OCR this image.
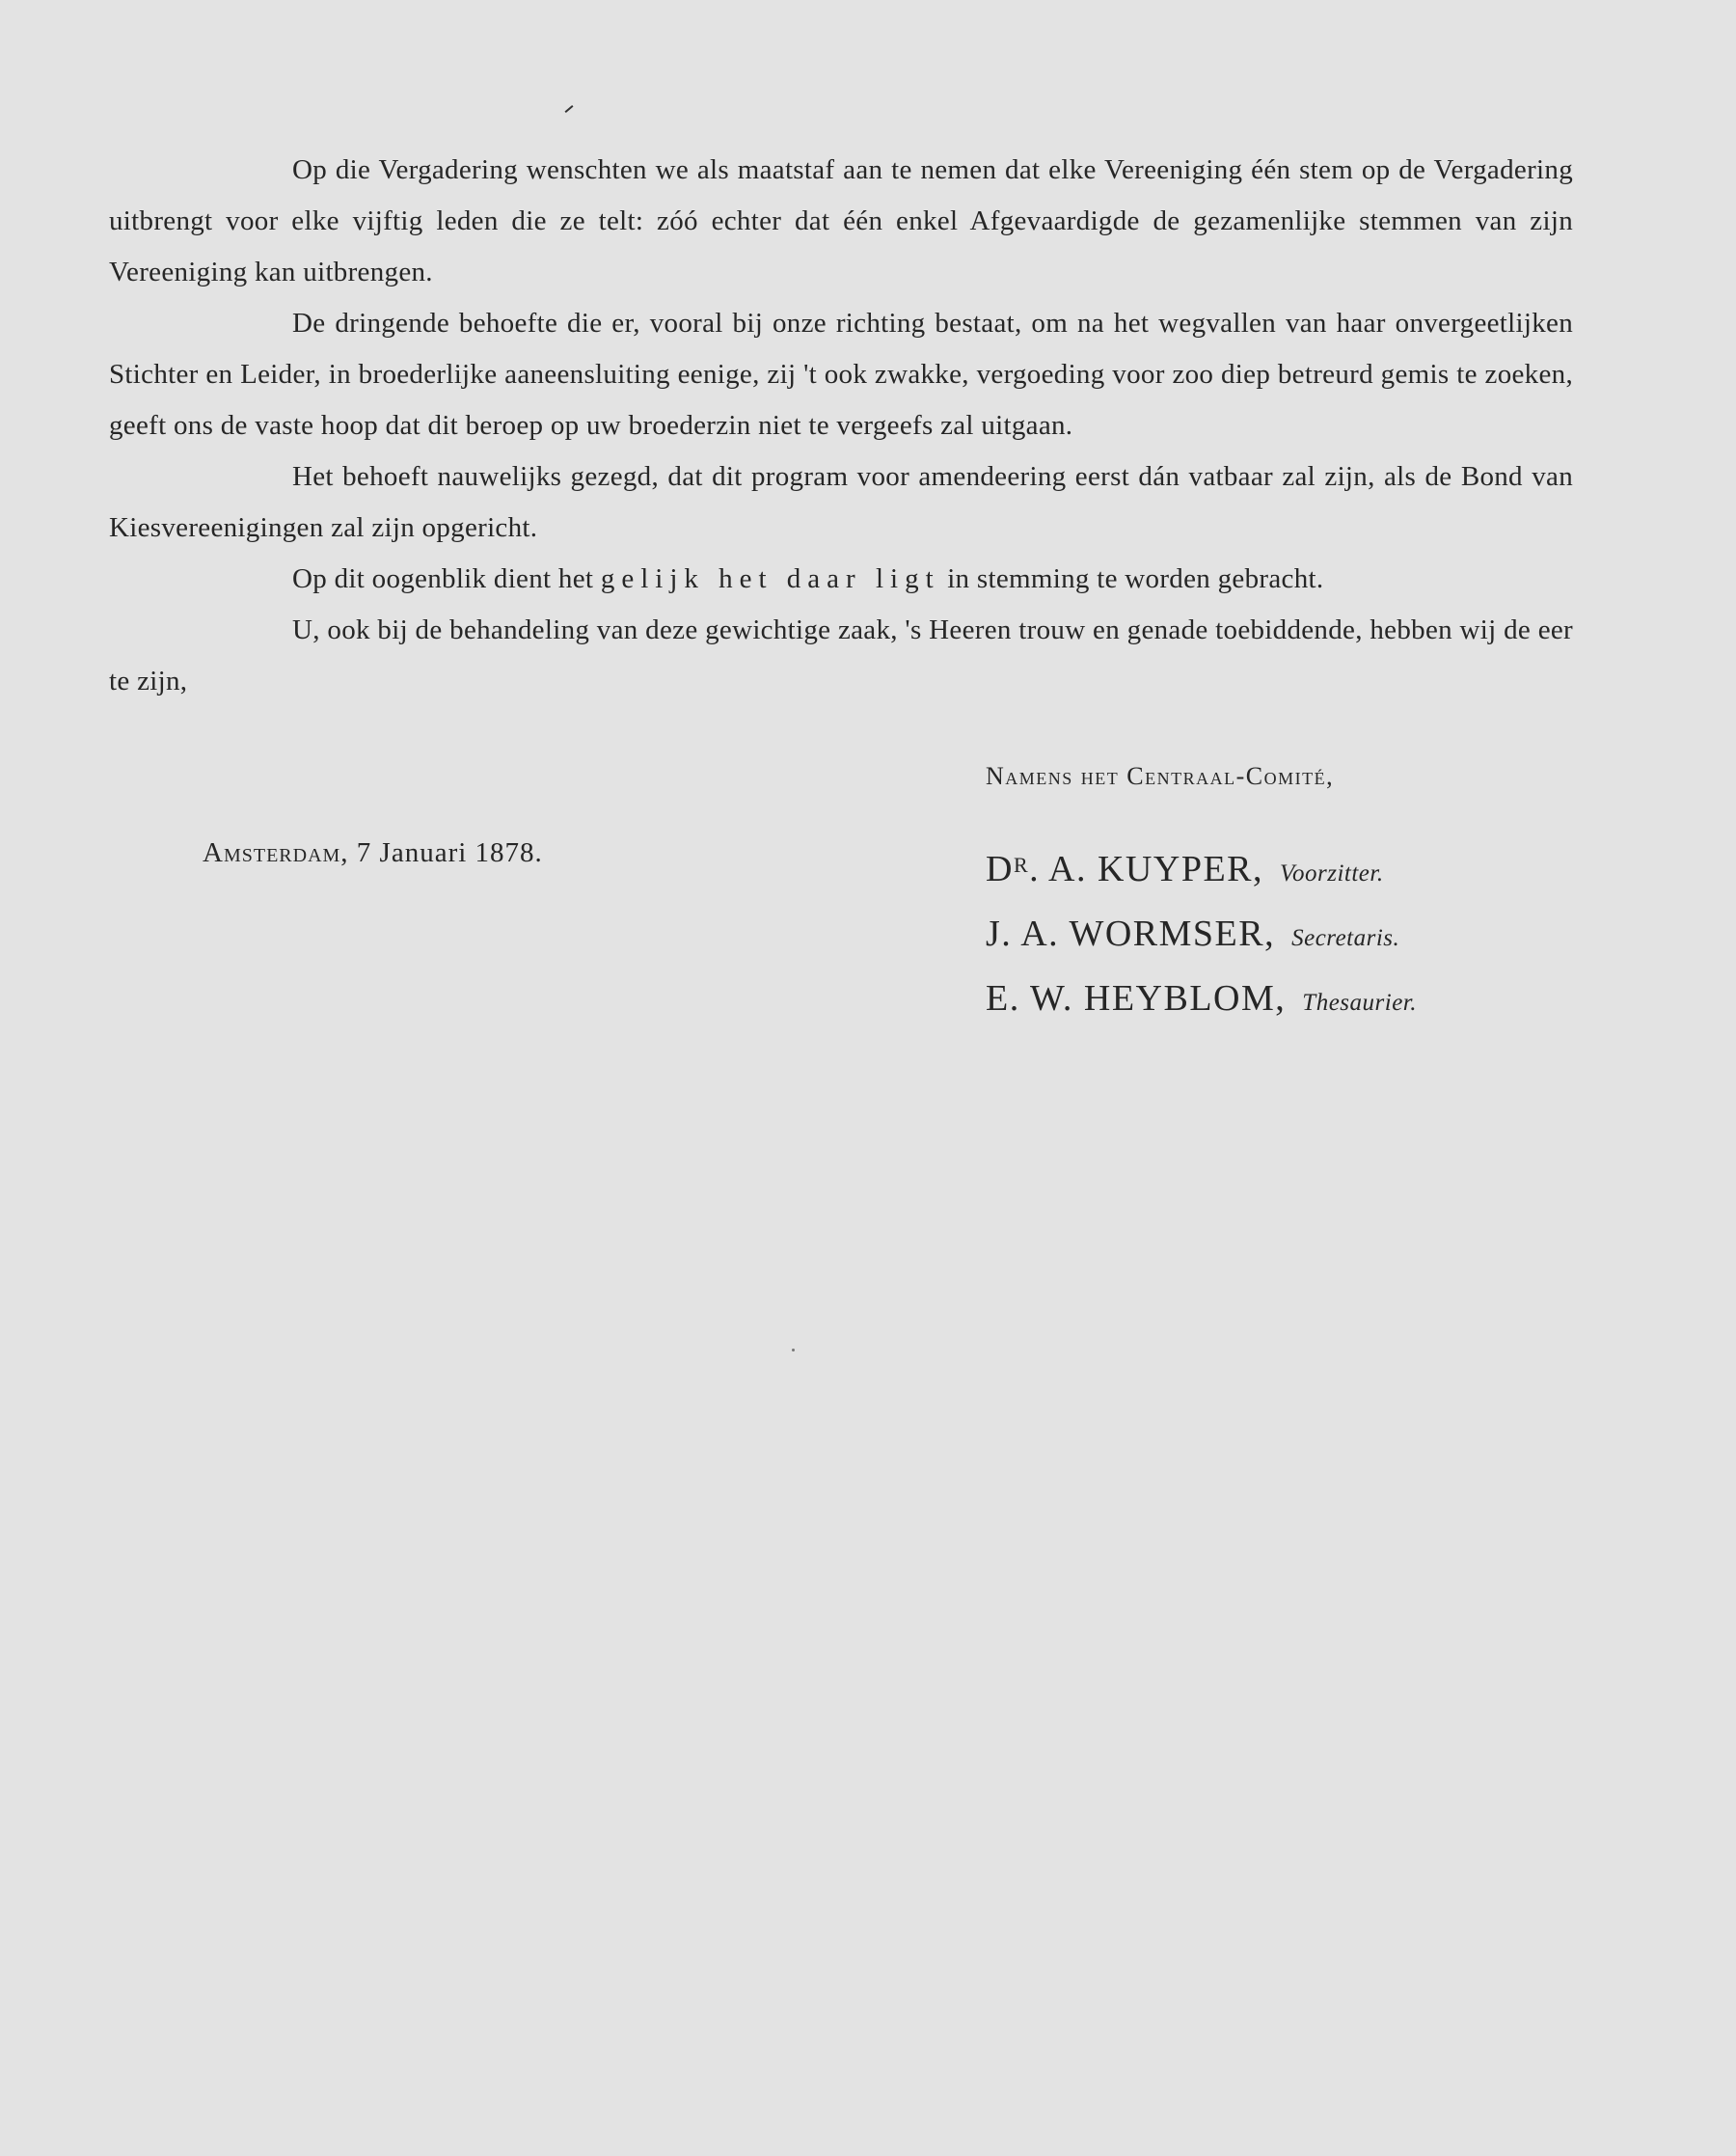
Op die Vergadering wenschten we als maatstaf aan te nemen dat elke Vereeniging één stem op de Vergadering uitbrengt voor elke vijftig leden die ze telt: zóó echter dat één enkel Afgevaardigde de gezamenlijke stemmen van zijn Vereeniging kan uitbrengen.

De dringende behoefte die er, vooral bij onze richting bestaat, om na het wegvallen van haar onvergeetlijken Stichter en Leider, in broederlijke aaneensluiting eenige, zij 't ook zwakke, vergoeding voor zoo diep betreurd gemis te zoeken, geeft ons de vaste hoop dat dit beroep op uw broederzin niet te vergeefs zal uitgaan.

Het behoeft nauwelijks gezegd, dat dit program voor amendeering eerst dán vatbaar zal zijn, als de Bond van Kiesvereenigingen zal zijn opgericht.

Op dit oogenblik dient het gelijk het daar ligt in stemming te worden gebracht.

U, ook bij de behandeling van deze gewichtige zaak, 's Heeren trouw en genade toebiddende, hebben wij de eer te zijn,

Namens het Centraal-Comité,

$D^R$. A. KUYPER, Voorzitter.

J. A. WORMSER, Secretaris.

E. W. HEYBLOM, Thesaurier.

Amsterdam, 7 Januari 1878.
